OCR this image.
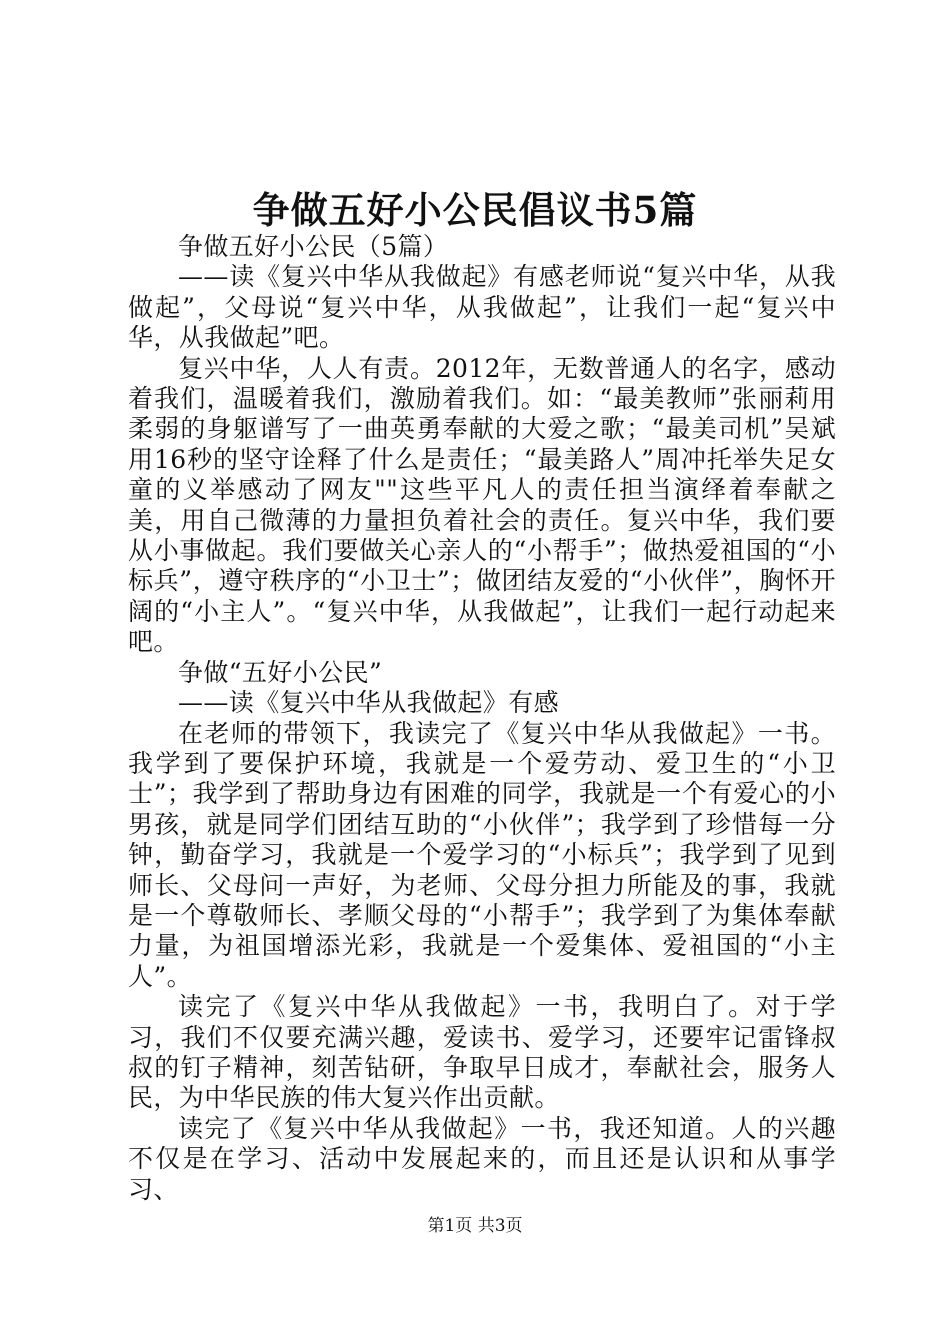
争做五好小公民倡议书5篇

争做五好小公民（5篇）

——读《复兴中华从我做起》有感老师说“复兴中华，从我做起”，父母说“复兴中华，从我做起”，让我们一起“复兴中华，从我做起”吧。

复兴中华，人人有责。2012年，无数普通人的名字，感动着我们，温暖着我们，激励着我们。如：“最美教师”张丽莉用柔弱的身躯谱写了一曲英勇奉献的大爱之歌；“最美司机”吴斌用16秒的坚守诠释了什么是责任；“最美路人”周冲托举失足女童的义举感动了网友""这些平凡人的责任担当演绎着奉献之美，用自己微薄的力量担负着社会的责任。复兴中华，我们要从小事做起。我们要做关心亲人的“小帮手”；做热爱祖国的“小标兵”，遵守秩序的“小卫士”；做团结友爱的“小伙伴”，胸怀开阔的“小主人”。“复兴中华，从我做起”，让我们一起行动起来吧。

争做“五好小公民”

——读《复兴中华从我做起》有感

在老师的带领下，我读完了《复兴中华从我做起》一书。我学到了要保护环境，我就是一个爱劳动、爱卫生的“小卫士”；我学到了帮助身边有困难的同学，我就是一个有爱心的小男孩，就是同学们团结互助的“小伙伴”；我学到了珍惜每一分钟，勤奋学习，我就是一个爱学习的“小标兵”；我学到了见到师长、父母问一声好，为老师、父母分担力所能及的事，我就是一个尊敬师长、孝顺父母的“小帮手”；我学到了为集体奉献力量，为祖国增添光彩，我就是一个爱集体、爱祖国的“小主人”。

读完了《复兴中华从我做起》一书，我明白了。对于学习，我们不仅要充满兴趣，爱读书、爱学习，还要牢记雷锋叔叔的钉子精神，刻苦钻研，争取早日成才，奉献社会，服务人民，为中华民族的伟大复兴作出贡献。

读完了《复兴中华从我做起》一书，我还知道。人的兴趣不仅是在学习、活动中发展起来的，而且还是认识和从事学习、

第1页 共3页
